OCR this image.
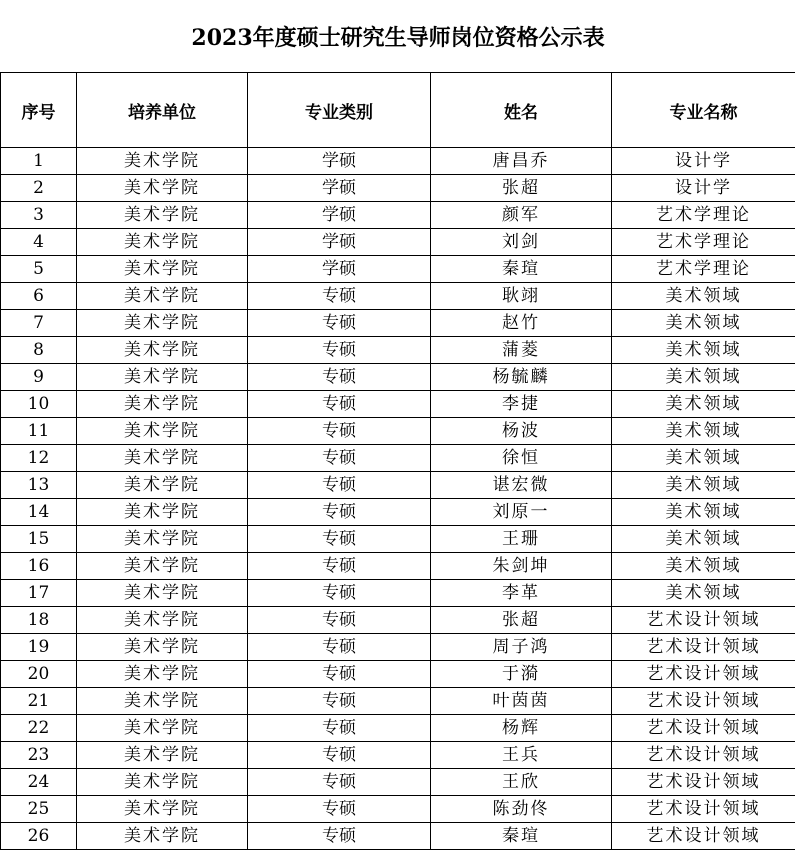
2023年度硕士研究生导师岗位资格公示表				
序号	培养单位	专业类别	姓名	专业名称
1	美术学院	学硕	唐昌乔	设计学
2	美术学院	学硕	张超	设计学
3	美术学院	学硕	颜军	艺术学理论
4	美术学院	学硕	刘剑	艺术学理论
5	美术学院	学硕	秦瑄	艺术学理论
6	美术学院	专硕	耿翊	美术领域
7	美术学院	专硕	赵竹	美术领域
8	美术学院	专硕	蒲菱	美术领域
9	美术学院	专硕	杨毓麟	美术领域
10	美术学院	专硕	李捷	美术领域
11	美术学院	专硕	杨波	美术领域
12	美术学院	专硕	徐恒	美术领域
13	美术学院	专硕	谌宏微	美术领域
14	美术学院	专硕	刘原一	美术领域
15	美术学院	专硕	王珊	美术领域
16	美术学院	专硕	朱剑坤	美术领域
17	美术学院	专硕	李革	美术领域
18	美术学院	专硕	张超	艺术设计领域
19	美术学院	专硕	周子鸿	艺术设计领域
20	美术学院	专硕	于漪	艺术设计领域
21	美术学院	专硕	叶茵茵	艺术设计领域
22	美术学院	专硕	杨辉	艺术设计领域
23	美术学院	专硕	王兵	艺术设计领域
24	美术学院	专硕	王欣	艺术设计领域
25	美术学院	专硕	陈劲佟	艺术设计领域
26	美术学院	专硕	秦瑄	艺术设计领域
